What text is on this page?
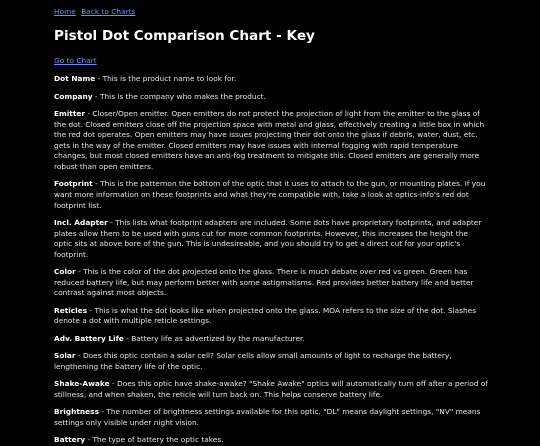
Home Back to Charts

Pistol Dot Comparison Chart - Key

Go to Chart

Dot Name - This is the product name to look for.

Company - This is the company who makes the product.

Emitter - Closer/Open emitter. Open emitters do not protect the projection of light from the emitter to the glass of the dot. Closed emitters close off the projection space with metal and glass, effectively creating a little box in which the red dot operates. Open emitters may have issues projecting their dot onto the glass if debris, water, dust, etc. gets in the way of the emitter. Closed emitters may have issues with internal fogging with rapid temperature changes, but most closed emitters have an anti-fog treatment to mitigate this. Closed emitters are generally more robust than open emitters.

Footprint - This is the patternon the bottom of the optic that it uses to attach to the gun, or mounting plates. If you want more information on these footprints and what they're compatible with, take a look at optics-info's red dot footprint list.

Incl. Adapter - This lists what footprint adapters are included. Some dots have proprietary footprints, and adapter plates allow them to be used with guns cut for more common footprints. However, this increases the height the optic sits at above bore of the gun. This is undesireable, and you should try to get a direct cut for your optic's footprint.

Color - This is the color of the dot projected onto the glass. There is much debate over red vs green. Green has reduced battery life, but may perform better with some astigmatisms. Red provides better battery life and better contrast against most objects.

Reticles - This is what the dot looks like when projected onto the glass. MOA refers to the size of the dot. Slashes denote a dot with multiple reticle settings.

Adv. Battery Life - Battery life as advertized by the manufacturer.

Solar - Does this optic contain a solar cell? Solar cells allow small amounts of light to recharge the battery, lengthening the battery life of the optic.

Shake-Awake - Does this optic have shake-awake? "Shake Awake" optics will automatically turn off after a period of stillness, and when shaken, the reticle will turn back on. This helps conserve battery life.

Brightness - The number of brightness settings available for this optic. "DL" means daylight settings, "NV" means settings only visible under night vision.

Battery - The type of battery the optic takes.
